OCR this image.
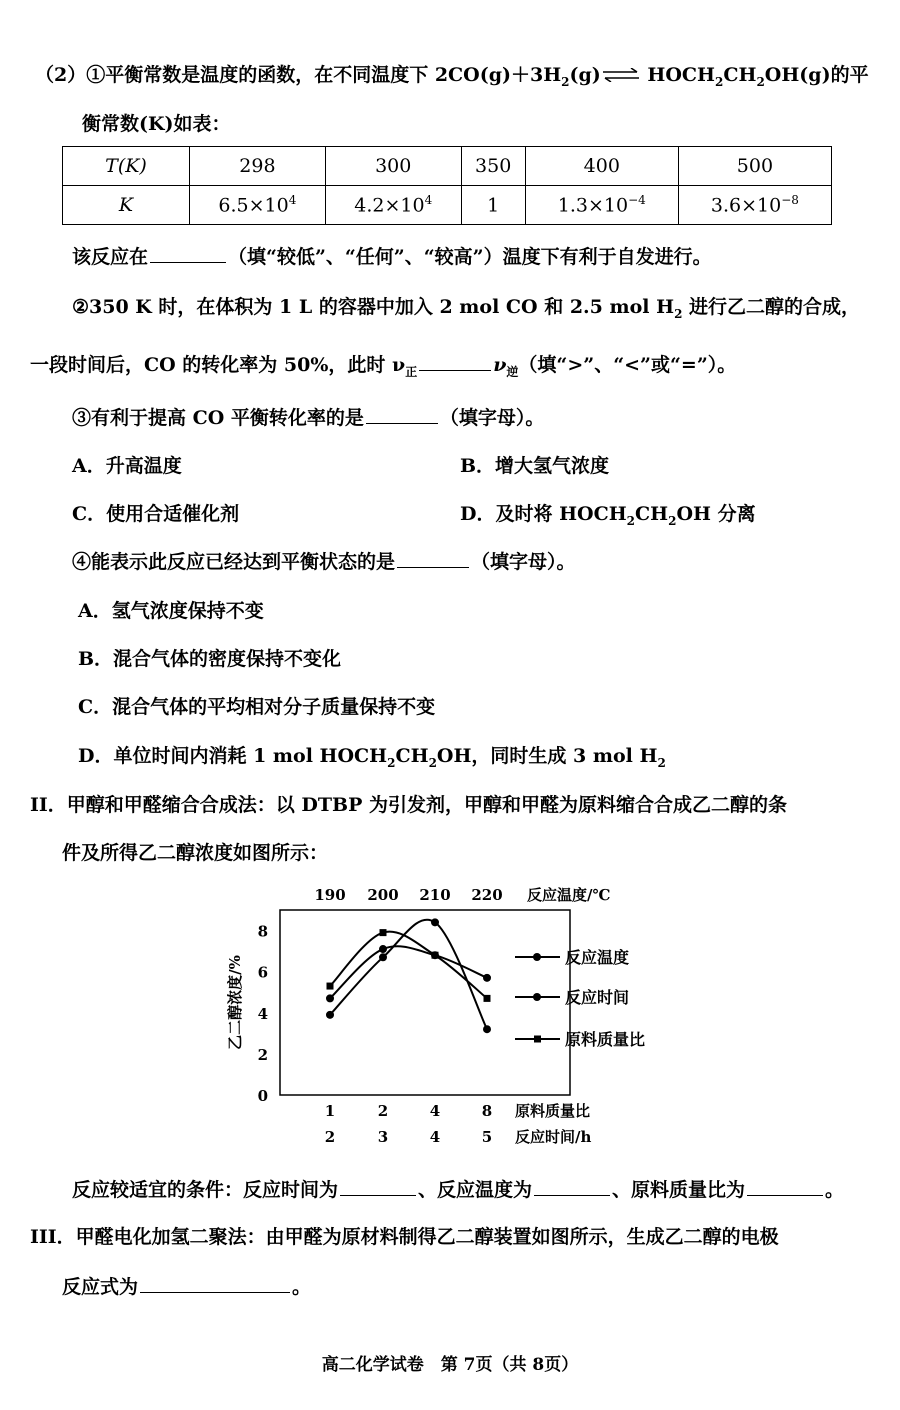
（2）①平衡常数是温度的函数，在不同温度下 $2CO(g)+3H_2(g)\rightleftharpoons$ $HOCH_2CH_2OH(g)$的平
衡常数(K)如表：
T(K)	298	300	350	400	500
K	$6.5\times 10^4$	$4.2\times 10^4$	1	$1.3\times 10^{-4}$	$3.6\times 10^{-8}$
该反应在	（填“较低”、“任何”、“较高”）温度下有利于自发进行。
②350 K 时，在体积为 1 L 的容器中加入 2 mol CO 和 2.5 mol $H_2$ 进行乙二醇的合成，
一段时间后，CO 的转化率为 50%，此时 $\nu_正$	$\nu_逆$（填“>”、“<”或“=”）。
③有利于提高 CO 平衡转化率的是	（填字母）。
A．升高温度	B．增大氢气浓度
C．使用合适催化剂	D．及时将 $HOCH_2CH_2OH$ 分离
④能表示此反应已经达到平衡状态的是	（填字母）。
A．氢气浓度保持不变
B．混合气体的密度保持不变化
C．混合气体的平均相对分子质量保持不变
D．单位时间内消耗 1 mol $HOCH_2CH_2OH$，同时生成 3 mol $H_2$
II．甲醇和甲醛缩合合成法：以 DTBP 为引发剂，甲醇和甲醛为原料缩合合成乙二醇的条
件及所得乙二醇浓度如图所示：
0
2
4
6
8
乙二醇浓度/%
190 200 210 220 反应温度/℃
1	2	4	8 原料质量比
2	3	4	5 反应时间/h
反应温度
反应时间
原料质量比
反应较适宜的条件：反应时间为	、反应温度为	、原料质量比为	。
III．甲醛电化加氢二聚法：由甲醛为原材料制得乙二醇装置如图所示，生成乙二醇的电极
反应式为	。
高二化学试卷　第 7页（共 8页）
